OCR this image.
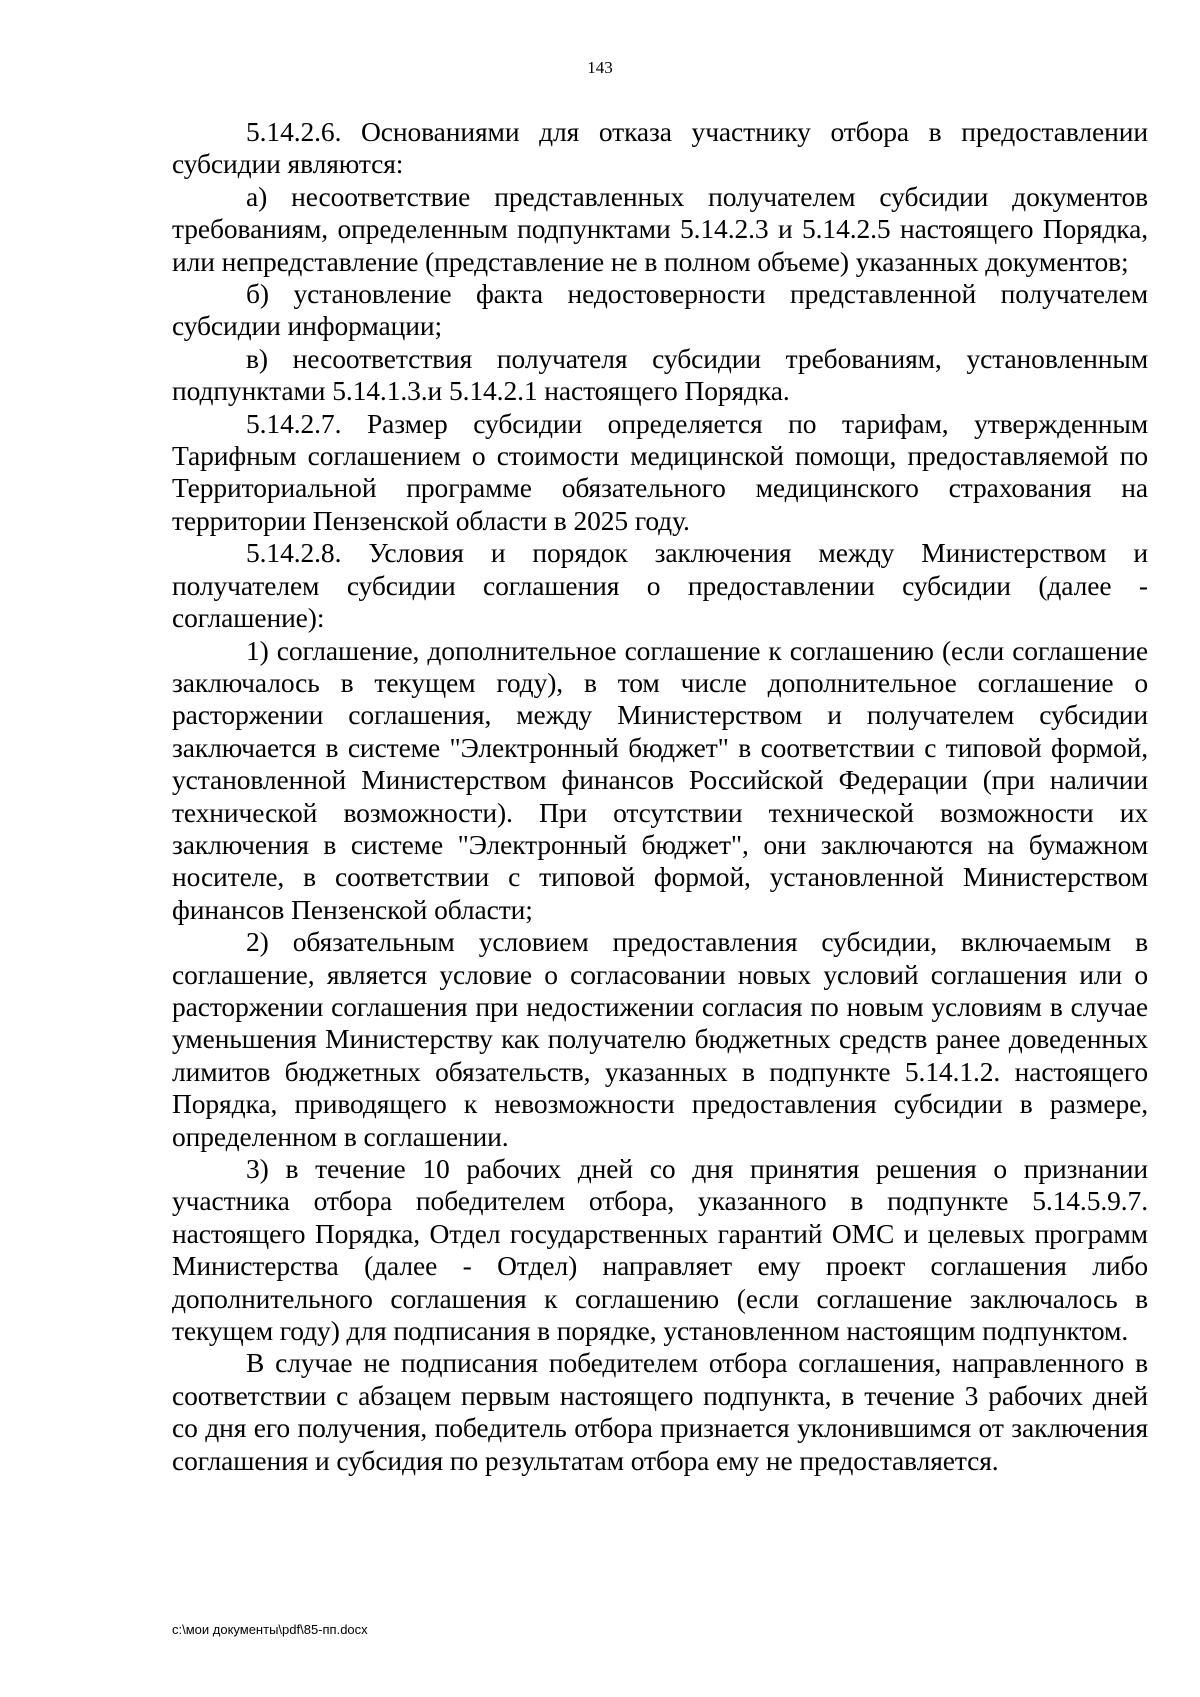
143

5.14.2.6. Основаниями для отказа участнику отбора в предоставлении субсидии являются:

а) несоответствие представленных получателем субсидии документов требованиям, определенным подпунктами 5.14.2.3 и 5.14.2.5 настоящего Порядка, или непредставление (представление не в полном объеме) указанных документов;

б) установление факта недостоверности представленной получателем субсидии информации;

в) несоответствия получателя субсидии требованиям, установленным подпунктами 5.14.1.3.и 5.14.2.1 настоящего Порядка.

5.14.2.7. Размер субсидии определяется по тарифам, утвержденным Тарифным соглашением о стоимости медицинской помощи, предоставляемой по Территориальной программе обязательного медицинского страхования на территории Пензенской области в 2025 году.

5.14.2.8. Условия и порядок заключения между Министерством и получателем субсидии соглашения о предоставлении субсидии (далее - соглашение):

1) соглашение, дополнительное соглашение к соглашению (если соглашение заключалось в текущем году), в том числе дополнительное соглашение о расторжении соглашения, между Министерством и получателем субсидии заключается в системе "Электронный бюджет" в соответствии с типовой формой, установленной Министерством финансов Российской Федерации (при наличии технической возможности). При отсутствии технической возможности их заключения в системе "Электронный бюджет", они заключаются на бумажном носителе, в соответствии с типовой формой, установленной Министерством финансов Пензенской области;

2) обязательным условием предоставления субсидии, включаемым в соглашение, является условие о согласовании новых условий соглашения или о расторжении соглашения при недостижении согласия по новым условиям в случае уменьшения Министерству как получателю бюджетных средств ранее доведенных лимитов бюджетных обязательств, указанных в подпункте 5.14.1.2. настоящего Порядка, приводящего к невозможности предоставления субсидии в размере, определенном в соглашении.

3) в течение 10 рабочих дней со дня принятия решения о признании участника отбора победителем отбора, указанного в подпункте 5.14.5.9.7. настоящего Порядка, Отдел государственных гарантий ОМС и целевых программ Министерства (далее - Отдел) направляет ему проект соглашения либо дополнительного соглашения к соглашению (если соглашение заключалось в текущем году) для подписания в порядке, установленном настоящим подпунктом.

В случае не подписания победителем отбора соглашения, направленного в соответствии с абзацем первым настоящего подпункта, в течение 3 рабочих дней со дня его получения, победитель отбора признается уклонившимся от заключения соглашения и субсидия по результатам отбора ему не предоставляется.

c:\мои документы\pdf\85-пп.docx
